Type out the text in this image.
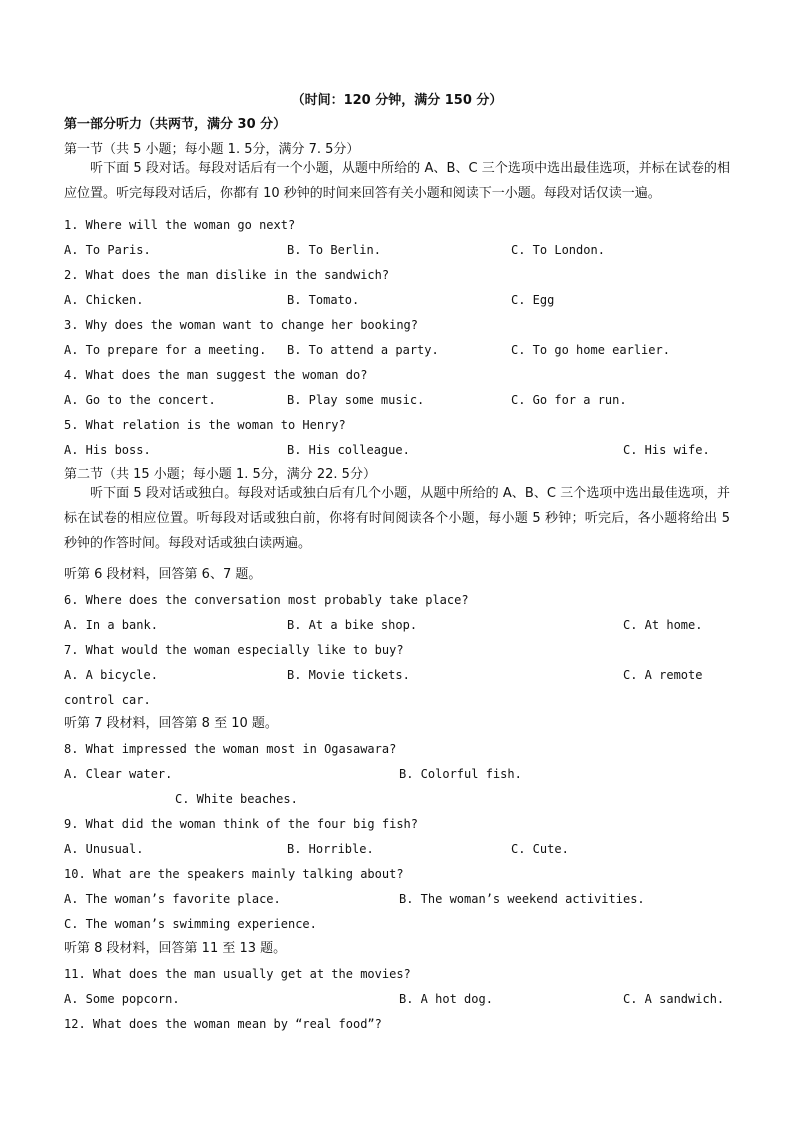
（时间：120 分钟，满分 150 分）
第一部分听力（共两节，满分 30 分）
第一节（共 5 小题；每小题 1. 5分，满分 7. 5分）
听下面 5 段对话。每段对话后有一个小题，从题中所给的 A、B、C 三个选项中选出最佳选项，并标在试卷的相应位置。听完每段对话后，你都有 10 秒钟的时间来回答有关小题和阅读下一小题。每段对话仅读一遍。
1. Where will the woman go next?
A. To Paris.	B. To Berlin.	C. To London.
2. What does the man dislike in the sandwich?
A. Chicken.	B. Tomato.	C. Egg
3. Why does the woman want to change her booking?
A. To prepare for a meeting. B. To attend a party.	C. To go home earlier.
4. What does the man suggest the woman do?
A. Go to the concert.	B. Play some music.	C. Go for a run.
5. What relation is the woman to Henry?
A. His boss.	B. His colleague.	C. His wife.
第二节（共 15 小题；每小题 1. 5分，满分 22. 5分）
听下面 5 段对话或独白。每段对话或独白后有几个小题，从题中所给的 A、B、C 三个选项中选出最佳选项，并标在试卷的相应位置。听每段对话或独白前，你将有时间阅读各个小题，每小题 5 秒钟；听完后，各小题将给出 5 秒钟的作答时间。每段对话或独白读两遍。
听第 6 段材料，回答第 6、7 题。
6. Where does the conversation most probably take place?
A. In a bank.	B. At a bike shop.	C. At home.
7. What would the woman especially like to buy?
A. A bicycle.	B. Movie tickets.	C. A remote
control car.
听第 7 段材料，回答第 8 至 10 题。
8. What impressed the woman most in Ogasawara?
A. Clear water.	B. Colorful fish.
C. White beaches.
9. What did the woman think of the four big fish?
A. Unusual.	B. Horrible.	C. Cute.
10. What are the speakers mainly talking about?
A. The woman’s favorite place.	B. The woman’s weekend activities.
C. The woman’s swimming experience.
听第 8 段材料，回答第 11 至 13 题。
11. What does the man usually get at the movies?
A. Some popcorn.	B. A hot dog.	C. A sandwich.
12. What does the woman mean by “real food”?
